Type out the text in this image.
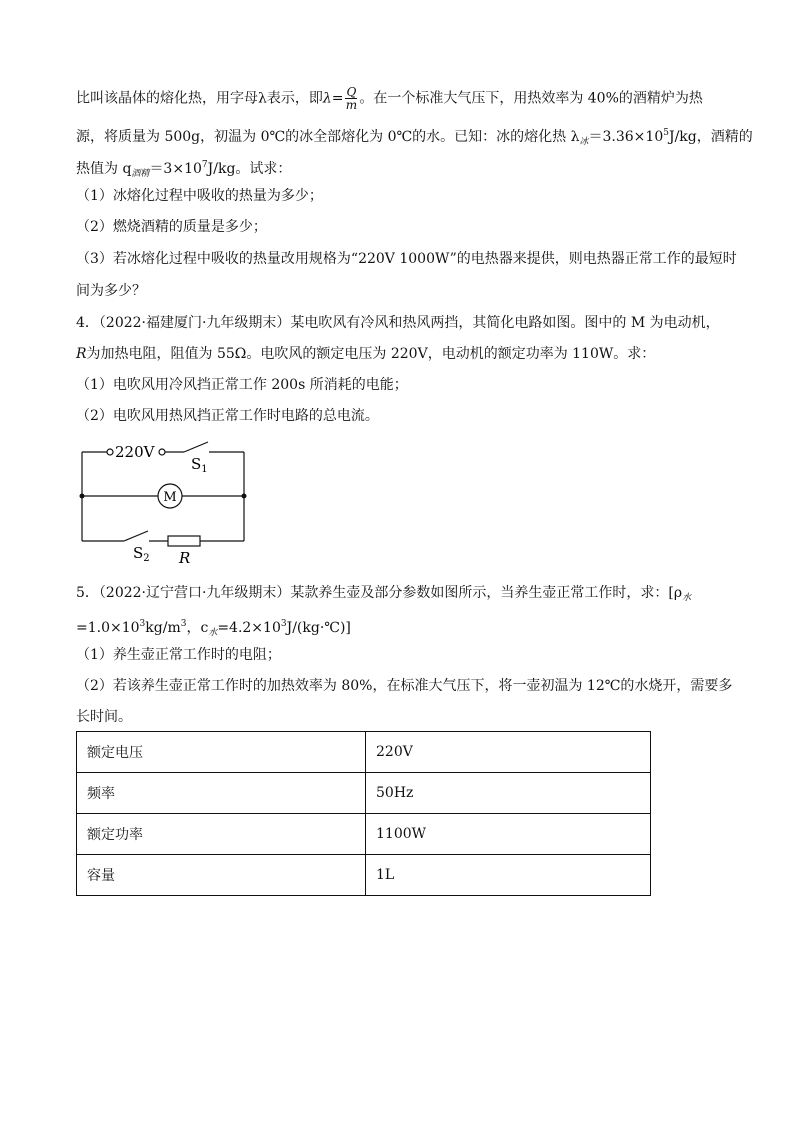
比叫该晶体的熔化热，用字母λ表示，即$\lambda= \frac{Q}{m}$ 。在一个标准大气压下，用热效率为 40%的酒精炉为热
源，将质量为 500g，初温为 0℃的冰全部熔化为 0℃的水。已知：冰的熔化热 $\lambda_冰=3.36\times 10^5J/kg$，酒精的
热值为 $q_{酒精}=3\times 10^7J/kg$。试求：
（1）冰熔化过程中吸收的热量为多少；
（2）燃烧酒精的质量是多少；
（3）若冰熔化过程中吸收的热量改用规格为“220V 1000W”的电热器来提供，则电热器正常工作的最短时
间为多少？
4．（2022·福建厦门·九年级期末）某电吹风有冷风和热风两挡，其简化电路如图。图中的 M 为电动机，
R为加热电阻，阻值为 55Ω。电吹风的额定电压为 220V，电动机的额定功率为 110W。求：
（1）电吹风用冷风挡正常工作 200s 所消耗的电能；
（2）电吹风用热风挡正常工作时电路的总电流。
220V
$S_1$
M
$S_2$ R
5．（2022·辽宁营口·九年级期末）某款养生壶及部分参数如图所示，当养生壶正常工作时，求：[$\rho_水$
$=1.0\times 10^3kg/m^3$，$c_水=4.2\times 10^3J/(kg\cdot℃)$]
（1）养生壶正常工作时的电阻；
（2）若该养生壶正常工作时的加热效率为 80%，在标准大气压下，将一壶初温为 12℃的水烧开，需要多
长时间。
额定电压	220V
频率	50Hz
额定功率	1100W
容量	1L
